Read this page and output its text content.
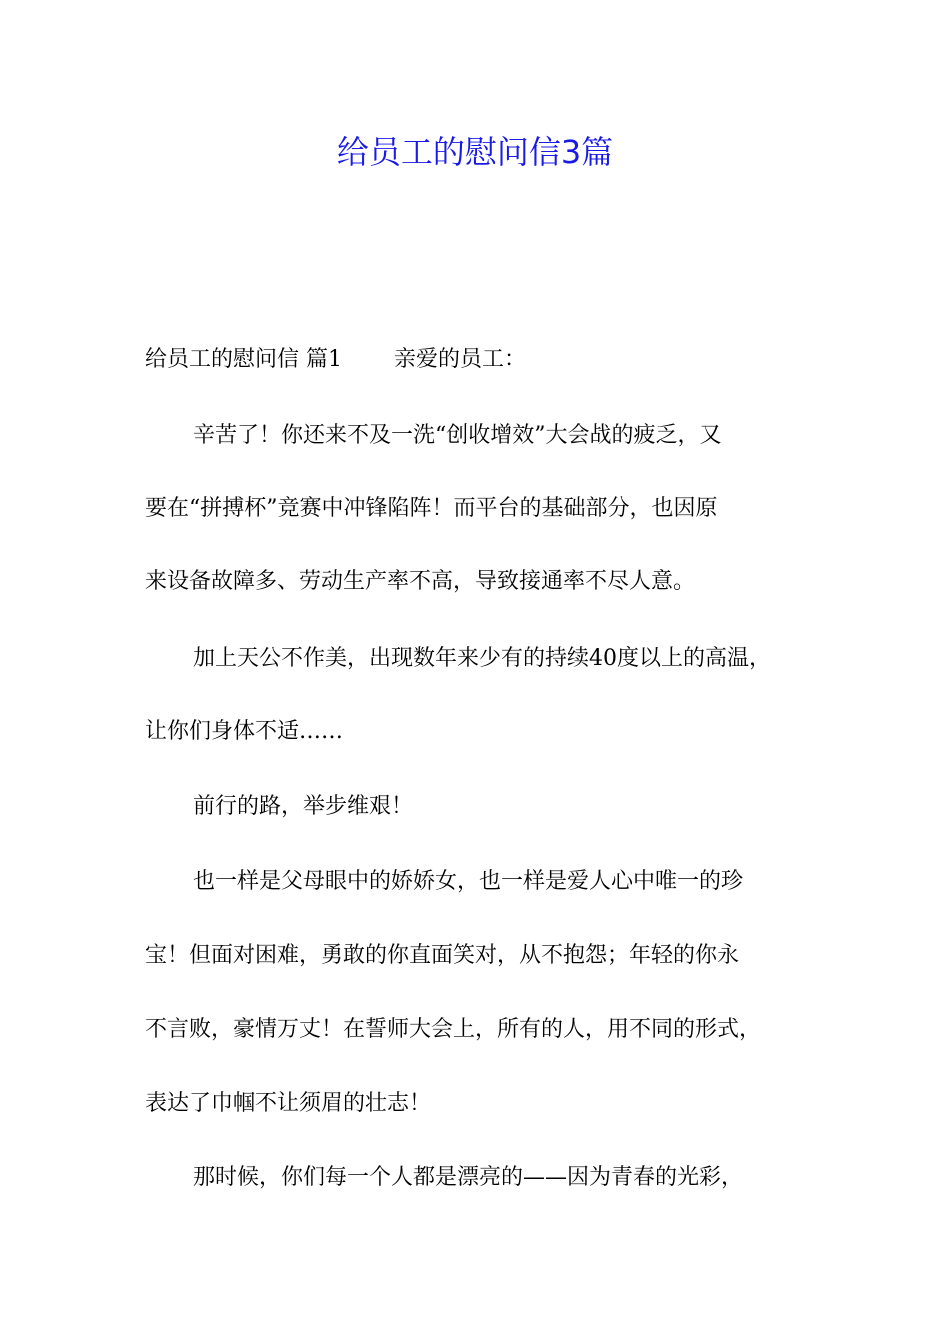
给员工的慰问信3篇

给员工的慰问信 篇1 亲爱的员工：

辛苦了！你还来不及一洗“创收增效”大会战的疲乏，又

要在“拼搏杯”竞赛中冲锋陷阵！而平台的基础部分，也因原

来设备故障多、劳动生产率不高，导致接通率不尽人意。

加上天公不作美，出现数年来少有的持续40度以上的高温，

让你们身体不适……

前行的路，举步维艰！

也一样是父母眼中的娇娇女，也一样是爱人心中唯一的珍

宝！但面对困难，勇敢的你直面笑对，从不抱怨；年轻的你永

不言败，豪情万丈！在誓师大会上，所有的人，用不同的形式，

表达了巾帼不让须眉的壮志！

那时候，你们每一个人都是漂亮的——因为青春的光彩，
